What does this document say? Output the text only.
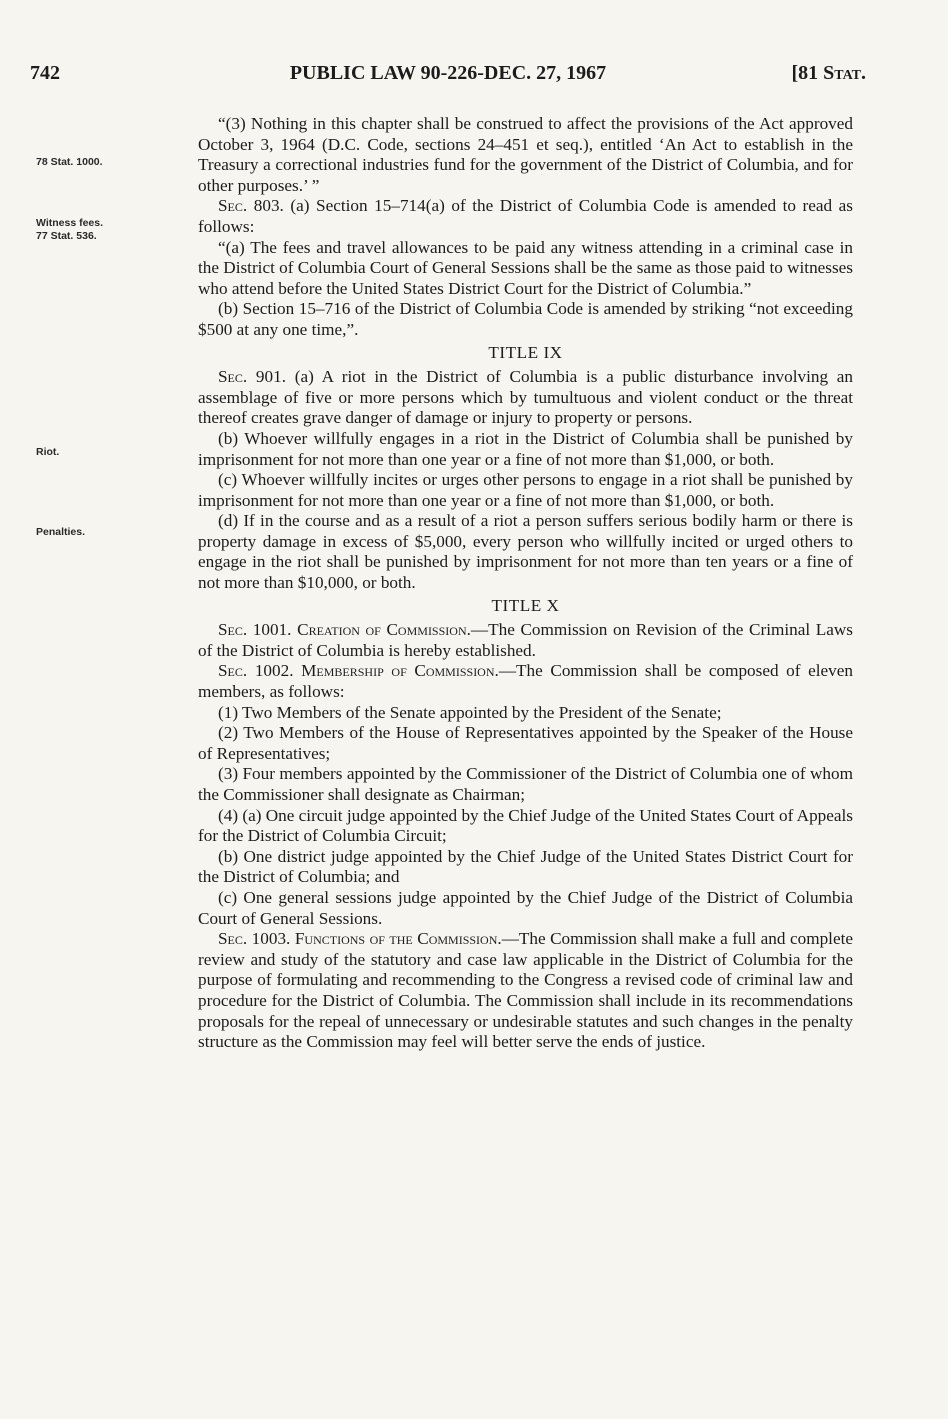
742	PUBLIC LAW 90-226-DEC. 27, 1967	[81 Stat.
78 Stat. 1000.
Witness fees.
77 Stat. 536.
Riot.
Penalties.

“(3) Nothing in this chapter shall be construed to affect the provisions of the Act approved October 3, 1964 (D.C. Code, sections 24–451 et seq.), entitled ‘An Act to establish in the Treasury a correctional industries fund for the government of the District of Columbia, and for other purposes.’ ”

Sec. 803. (a) Section 15–714(a) of the District of Columbia Code is amended to read as follows:

“(a) The fees and travel allowances to be paid any witness attending in a criminal case in the District of Columbia Court of General Sessions shall be the same as those paid to witnesses who attend before the United States District Court for the District of Columbia.”

(b) Section 15–716 of the District of Columbia Code is amended by striking “not exceeding $500 at any one time,”.

TITLE IX

Sec. 901. (a) A riot in the District of Columbia is a public disturbance involving an assemblage of five or more persons which by tumultuous and violent conduct or the threat thereof creates grave danger of damage or injury to property or persons.

(b) Whoever willfully engages in a riot in the District of Columbia shall be punished by imprisonment for not more than one year or a fine of not more than $1,000, or both.

(c) Whoever willfully incites or urges other persons to engage in a riot shall be punished by imprisonment for not more than one year or a fine of not more than $1,000, or both.

(d) If in the course and as a result of a riot a person suffers serious bodily harm or there is property damage in excess of $5,000, every person who willfully incited or urged others to engage in the riot shall be punished by imprisonment for not more than ten years or a fine of not more than $10,000, or both.

TITLE X

Sec. 1001. Creation of Commission.—The Commission on Revision of the Criminal Laws of the District of Columbia is hereby established.

Sec. 1002. Membership of Commission.—The Commission shall be composed of eleven members, as follows:

(1) Two Members of the Senate appointed by the President of the Senate;

(2) Two Members of the House of Representatives appointed by the Speaker of the House of Representatives;

(3) Four members appointed by the Commissioner of the District of Columbia one of whom the Commissioner shall designate as Chairman;

(4) (a) One circuit judge appointed by the Chief Judge of the United States Court of Appeals for the District of Columbia Circuit;

(b) One district judge appointed by the Chief Judge of the United States District Court for the District of Columbia; and

(c) One general sessions judge appointed by the Chief Judge of the District of Columbia Court of General Sessions.

Sec. 1003. Functions of the Commission.—The Commission shall make a full and complete review and study of the statutory and case law applicable in the District of Columbia for the purpose of formulating and recommending to the Congress a revised code of criminal law and procedure for the District of Columbia. The Commission shall include in its recommendations proposals for the repeal of unnecessary or undesirable statutes and such changes in the penalty structure as the Commission may feel will better serve the ends of justice.
